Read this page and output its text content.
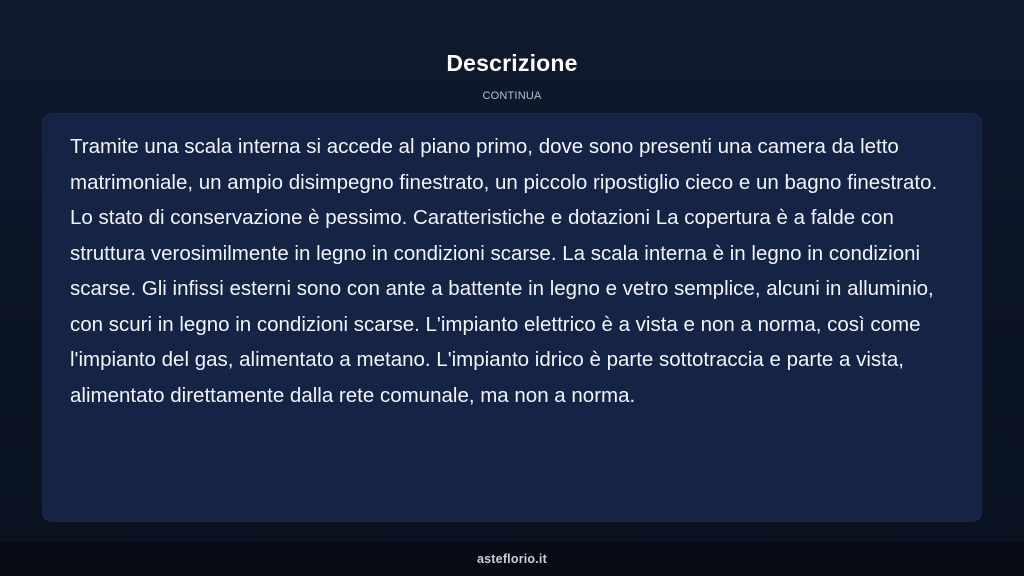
Descrizione
CONTINUA

Tramite una scala interna si accede al piano primo, dove sono presenti una camera da letto matrimoniale, un ampio disimpegno finestrato, un piccolo ripostiglio cieco e un bagno finestrato. Lo stato di conservazione è pessimo. Caratteristiche e dotazioni La copertura è a falde con struttura verosimilmente in legno in condizioni scarse. La scala interna è in legno in condizioni scarse. Gli infissi esterni sono con ante a battente in legno e vetro semplice, alcuni in alluminio, con scuri in legno in condizioni scarse. L'impianto elettrico è a vista e non a norma, così come l'impianto del gas, alimentato a metano. L'impianto idrico è parte sottotraccia e parte a vista, alimentato direttamente dalla rete comunale, ma non a norma.

asteflorio.it
